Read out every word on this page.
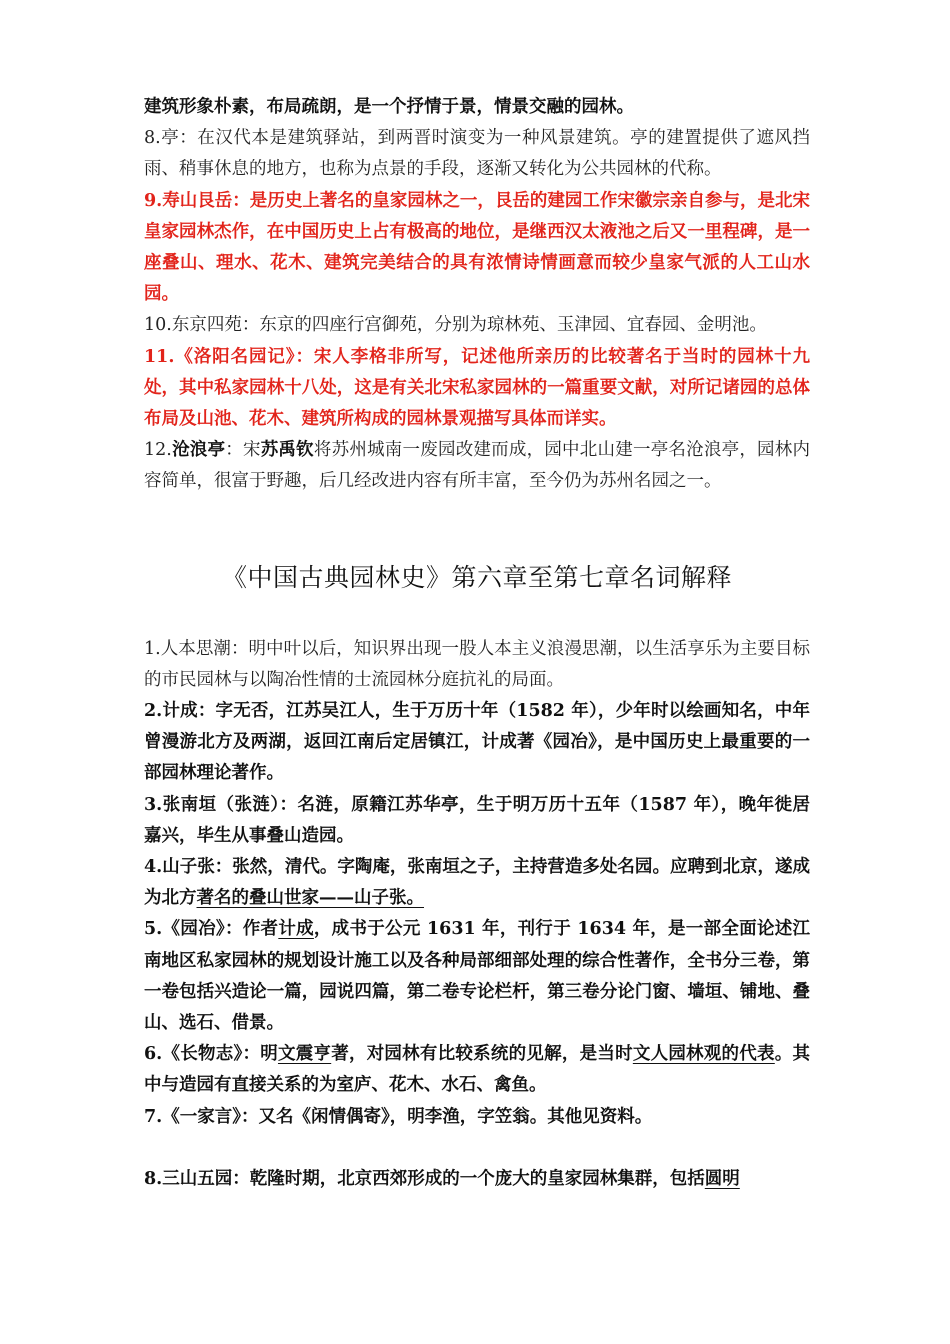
建筑形象朴素，布局疏朗，是一个抒情于景，情景交融的园林。

8.亭：在汉代本是建筑驿站，到两晋时演变为一种风景建筑。亭的建置提供了遮风挡雨、稍事休息的地方，也称为点景的手段，逐渐又转化为公共园林的代称。

9.寿山艮岳：是历史上著名的皇家园林之一，艮岳的建园工作宋徽宗亲自参与，是北宋皇家园林杰作，在中国历史上占有极高的地位，是继西汉太液池之后又一里程碑，是一座叠山、理水、花木、建筑完美结合的具有浓情诗情画意而较少皇家气派的人工山水园。

10.东京四苑：东京的四座行宫御苑，分别为琼林苑、玉津园、宜春园、金明池。

11.《洛阳名园记》：宋人李格非所写，记述他所亲历的比较著名于当时的园林十九处，其中私家园林十八处，这是有关北宋私家园林的一篇重要文献，对所记诸园的总体布局及山池、花木、建筑所构成的园林景观描写具体而详实。

12.沧浪亭：宋苏禹钦将苏州城南一废园改建而成，园中北山建一亭名沧浪亭，园林内容简单，很富于野趣，后几经改进内容有所丰富，至今仍为苏州名园之一。

《中国古典园林史》第六章至第七章名词解释

1.人本思潮：明中叶以后，知识界出现一股人本主义浪漫思潮，以生活享乐为主要目标的市民园林与以陶冶性情的士流园林分庭抗礼的局面。

2.计成：字无否，江苏吴江人，生于万历十年（1582 年），少年时以绘画知名，中年曾漫游北方及两湖，返回江南后定居镇江，计成著《园冶》，是中国历史上最重要的一部园林理论著作。

3.张南垣（张涟）：名涟，原籍江苏华亭，生于明万历十五年（1587 年），晚年徙居嘉兴，毕生从事叠山造园。

4.山子张：张然，清代。字陶庵，张南垣之子，主持营造多处名园。应聘到北京，遂成为北方著名的叠山世家——山子张。

5.《园冶》：作者计成，成书于公元 1631 年，刊行于 1634 年，是一部全面论述江南地区私家园林的规划设计施工以及各种局部细部处理的综合性著作，全书分三卷，第一卷包括兴造论一篇，园说四篇，第二卷专论栏杆，第三卷分论门窗、墙垣、铺地、叠山、选石、借景。

6.《长物志》：明文震亨著，对园林有比较系统的见解，是当时文人园林观的代表。其中与造园有直接关系的为室庐、花木、水石、禽鱼。

7.《一家言》：又名《闲情偶寄》，明李渔，字笠翁。其他见资料。

8.三山五园：乾隆时期，北京西郊形成的一个庞大的皇家园林集群，包括圆明
